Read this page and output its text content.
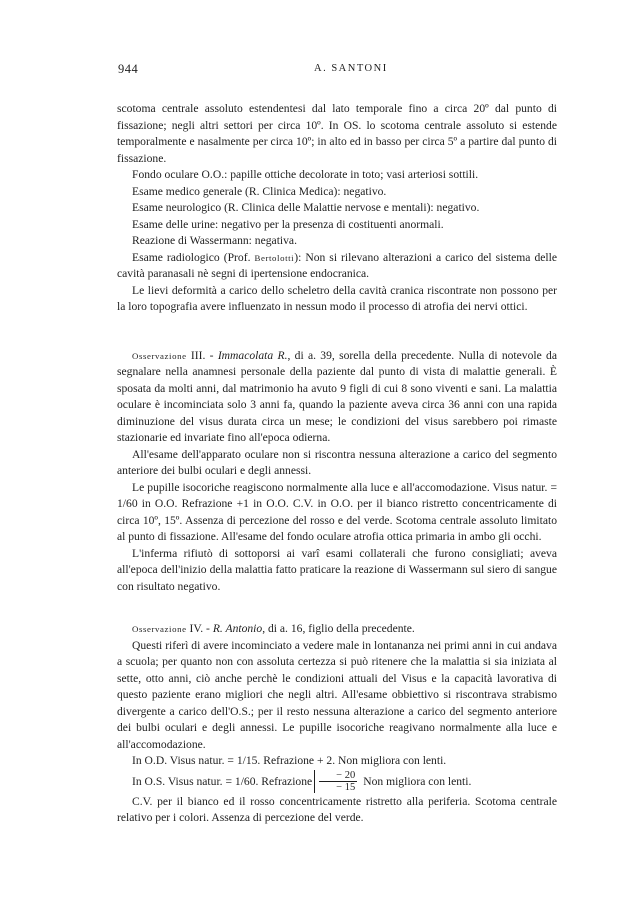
944	A. SANTONI

scotoma centrale assoluto estendentesi dal lato temporale fino a circa 20º dal punto di fissazione; negli altri settori per circa 10º. In OS. lo scotoma centrale assoluto si estende temporalmente e nasalmente per circa 10º; in alto ed in basso per circa 5º a partire dal punto di fissazione.

Fondo oculare O.O.: papille ottiche decolorate in toto; vasi arteriosi sottili.

Esame medico generale (R. Clinica Medica): negativo.

Esame neurologico (R. Clinica delle Malattie nervose e mentali): negativo.

Esame delle urine: negativo per la presenza di costituenti anormali.

Reazione di Wassermann: negativa.

Esame radiologico (Prof. Bertolotti): Non si rilevano alterazioni a carico del sistema delle cavità paranasali nè segni di ipertensione endocranica.

Le lievi deformità a carico dello scheletro della cavità cranica riscontrate non possono per la loro topografia avere influenzato in nessun modo il processo di atrofia dei nervi ottici.

Osservazione III. - Immacolata R., di a. 39, sorella della precedente. Nulla di notevole da segnalare nella anamnesi personale della paziente dal punto di vista di malattie generali. È sposata da molti anni, dal matrimonio ha avuto 9 figli di cui 8 sono viventi e sani. La malattia oculare è incominciata solo 3 anni fa, quando la paziente aveva circa 36 anni con una rapida diminuzione del visus durata circa un mese; le condizioni del visus sarebbero poi rimaste stazionarie ed invariate fino all'epoca odierna.

All'esame dell'apparato oculare non si riscontra nessuna alterazione a carico del segmento anteriore dei bulbi oculari e degli annessi.

Le pupille isocoriche reagiscono normalmente alla luce e all'accomodazione. Visus natur. = 1/60 in O.O. Refrazione +1 in O.O. C.V. in O.O. per il bianco ristretto concentricamente di circa 10º, 15º. Assenza di percezione del rosso e del verde. Scotoma centrale assoluto limitato al punto di fissazione. All'esame del fondo oculare atrofia ottica primaria in ambo gli occhi.

L'inferma rifiutò di sottoporsi ai varî esami collaterali che furono consigliati; aveva all'epoca dell'inizio della malattia fatto praticare la reazione di Wassermann sul siero di sangue con risultato negativo.

Osservazione IV. - R. Antonio, di a. 16, figlio della precedente.

Questi riferì di avere incominciato a vedere male in lontananza nei primi anni in cui andava a scuola; per quanto non con assoluta certezza si può ritenere che la malattia si sia iniziata al sette, otto anni, ciò anche perchè le condizioni attuali del Visus e la capacità lavorativa di questo paziente erano migliori che negli altri. All'esame obbiettivo si riscontrava strabismo divergente a carico dell'O.S.; per il resto nessuna alterazione a carico del segmento anteriore dei bulbi oculari e degli annessi. Le pupille isocoriche reagivano normalmente alla luce e all'accomodazione.

In O.D. Visus natur. = 1/15. Refrazione + 2. Non migliora con lenti.

In O.S. Visus natur. = 1/60. Refrazione $\frac{- 20}{- 15}$ Non migliora con lenti.

C.V. per il bianco ed il rosso concentricamente ristretto alla periferia. Scotoma centrale relativo per i colori. Assenza di percezione del verde.
